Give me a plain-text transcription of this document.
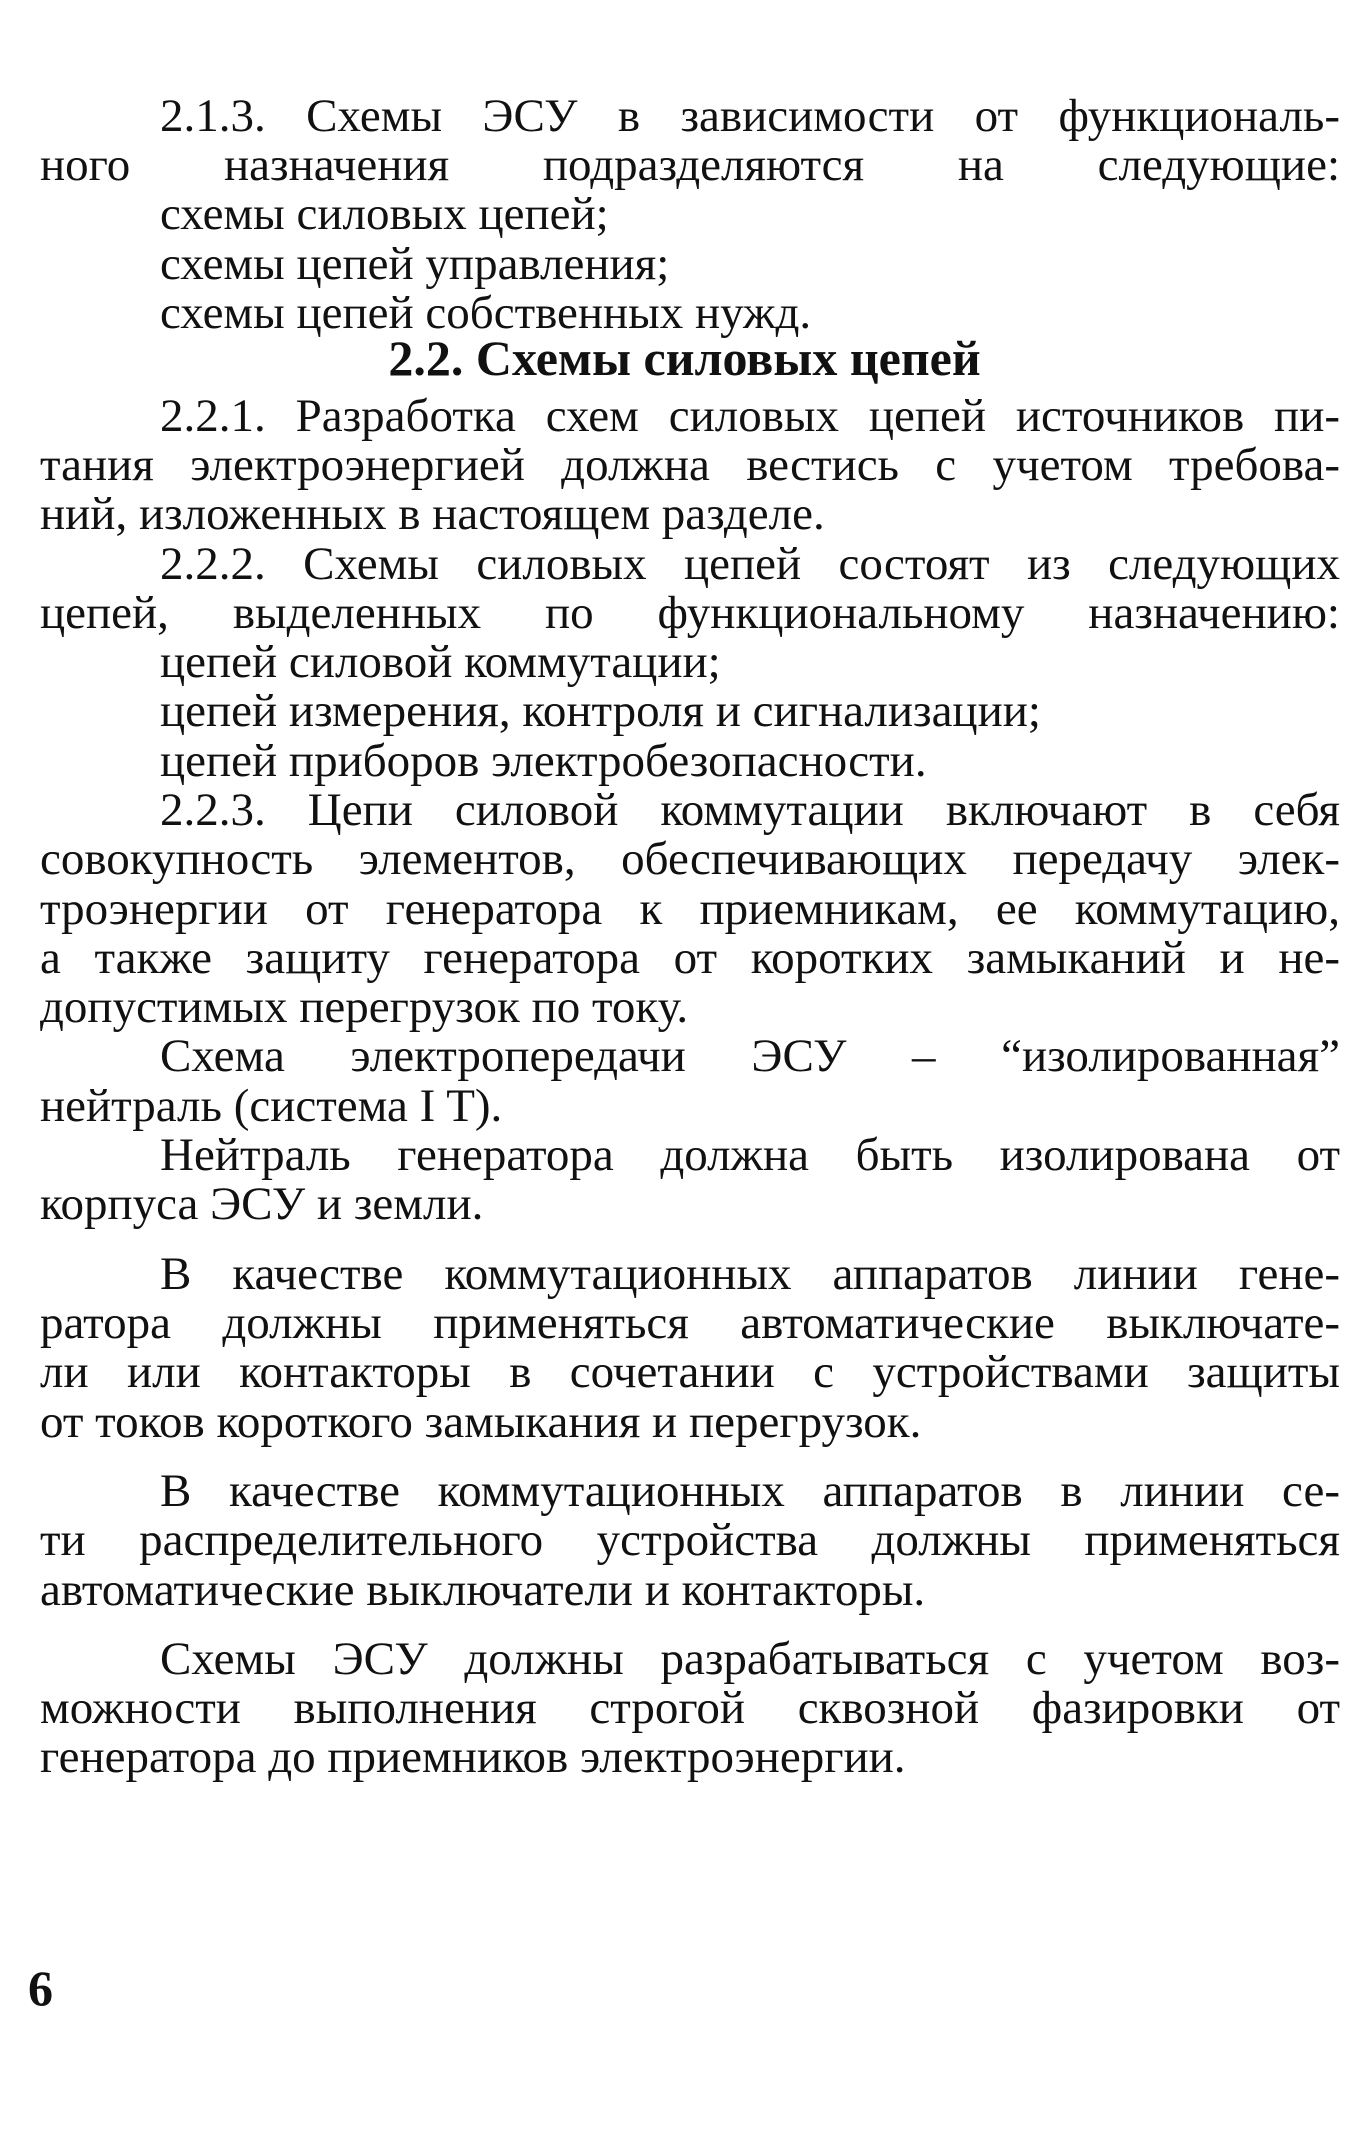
2.1.3. Схемы ЭСУ в зависимости от функциональ-
ного назначения подразделяются на следующие:
схемы силовых цепей;
схемы цепей управления;
схемы цепей собственных нужд.
2.2. Схемы силовых цепей
2.2.1. Разработка схем силовых цепей источников пи-
тания электроэнергией должна вестись с учетом требова-
ний, изложенных в настоящем разделе.
2.2.2. Схемы силовых цепей состоят из следующих
цепей, выделенных по функциональному назначению:
цепей силовой коммутации;
цепей измерения, контроля и сигнализации;
цепей приборов электробезопасности.
2.2.3. Цепи силовой коммутации включают в себя
совокупность элементов, обеспечивающих передачу элек-
троэнергии от генератора к приемникам, ее коммутацию,
а также защиту генератора от коротких замыканий и не-
допустимых перегрузок по току.
Схема электропередачи ЭСУ – “изолированная”
нейтраль (система I T).
Нейтраль генератора должна быть изолирована от
корпуса ЭСУ и земли.
В качестве коммутационных аппаратов линии гене-
ратора должны применяться автоматические выключате-
ли или контакторы в сочетании с устройствами защиты
от токов короткого замыкания и перегрузок.
В качестве коммутационных аппаратов в линии се-
ти распределительного устройства должны применяться
автоматические выключатели и контакторы.
Схемы ЭСУ должны разрабатываться с учетом воз-
можности выполнения строгой сквозной фазировки от
генератора до приемников электроэнергии.
6
